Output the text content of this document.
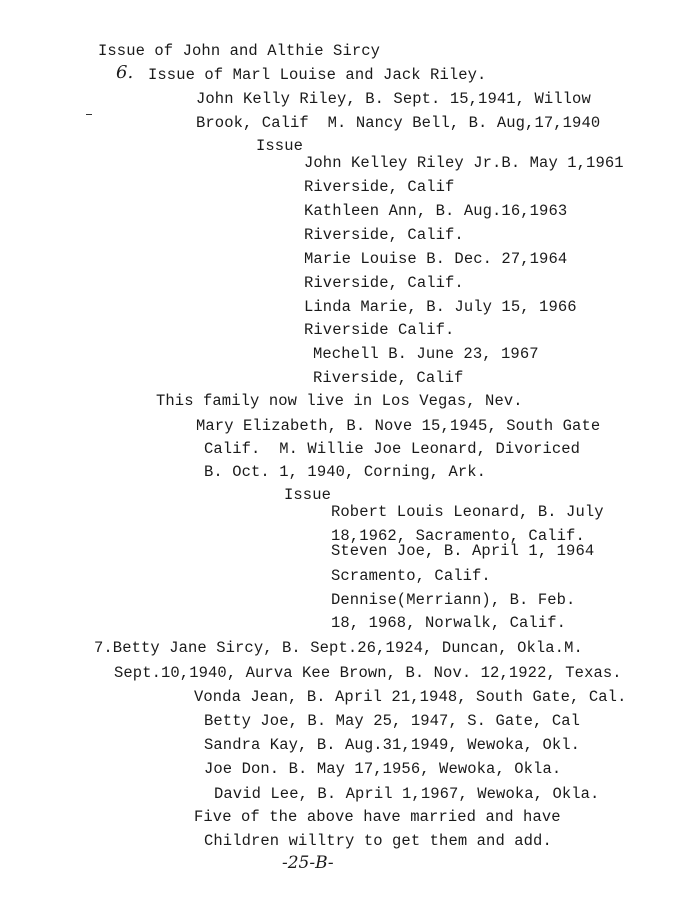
Issue of John and Althie Sircy
6. Issue of Marl Louise and Jack Riley.
John Kelly Riley, B. Sept. 15,1941, Willow
Brook, Calif  M. Nancy Bell, B. Aug,17,1940
Issue
John Kelley Riley Jr.B. May 1,1961
Riverside, Calif
Kathleen Ann, B. Aug.16,1963
Riverside, Calif.
Marie Louise B. Dec. 27,1964
Riverside, Calif.
Linda Marie, B. July 15, 1966
Riverside Calif.
Mechell B. June 23, 1967
Riverside, Calif
This family now live in Los Vegas, Nev.
Mary Elizabeth, B. Nove 15,1945, South Gate
Calif.  M. Willie Joe Leonard, Divoriced
B. Oct. 1, 1940, Corning, Ark.
Issue
Robert Louis Leonard, B. July
18,1962, Sacramento, Calif.
Steven Joe, B. April 1, 1964
Scramento, Calif.
Dennise(Merriann), B. Feb.
18, 1968, Norwalk, Calif.
7.Betty Jane Sircy, B. Sept.26,1924, Duncan, Okla.M.
Sept.10,1940, Aurva Kee Brown, B. Nov. 12,1922, Texas.
Vonda Jean, B. April 21,1948, South Gate, Cal.
Betty Joe, B. May 25, 1947, S. Gate, Cal
Sandra Kay, B. Aug.31,1949, Wewoka, Okl.
Joe Don. B. May 17,1956, Wewoka, Okla.
David Lee, B. April 1,1967, Wewoka, Okla.
Five of the above have married and have
Children willtry to get them and add.
-25-B-
